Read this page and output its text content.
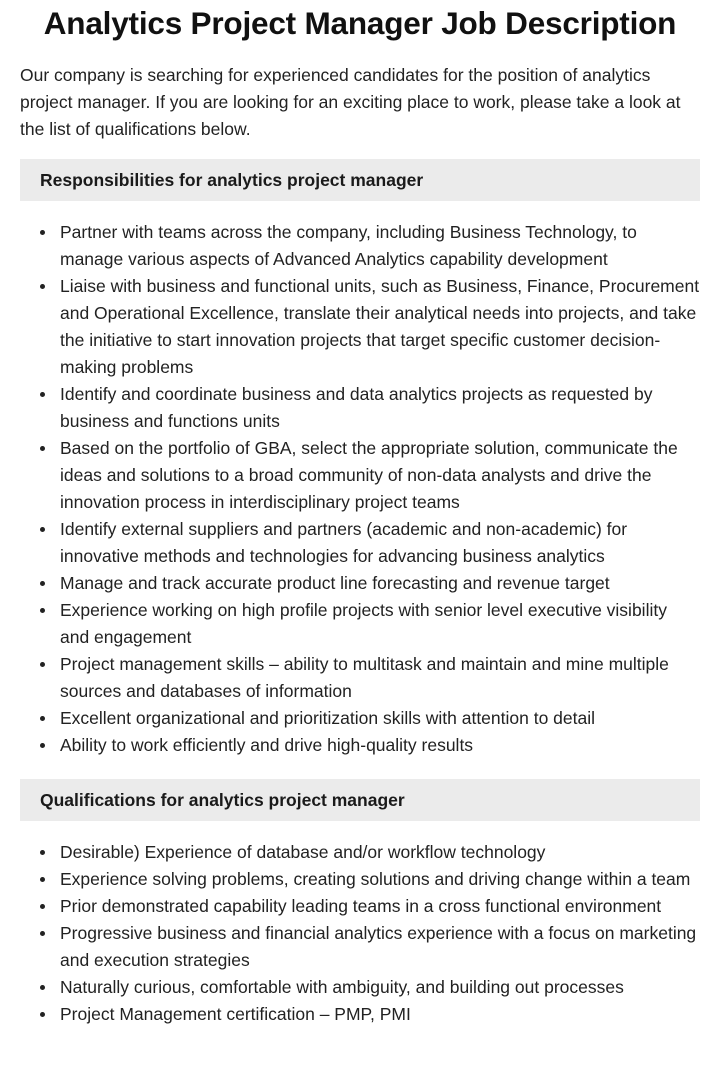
Analytics Project Manager Job Description

Our company is searching for experienced candidates for the position of analytics project manager. If you are looking for an exciting place to work, please take a look at the list of qualifications below.

Responsibilities for analytics project manager
Partner with teams across the company, including Business Technology, to manage various aspects of Advanced Analytics capability development
Liaise with business and functional units, such as Business, Finance, Procurement and Operational Excellence, translate their analytical needs into projects, and take the initiative to start innovation projects that target specific customer decision-making problems
Identify and coordinate business and data analytics projects as requested by business and functions units
Based on the portfolio of GBA, select the appropriate solution, communicate the ideas and solutions to a broad community of non-data analysts and drive the innovation process in interdisciplinary project teams
Identify external suppliers and partners (academic and non-academic) for innovative methods and technologies for advancing business analytics
Manage and track accurate product line forecasting and revenue target
Experience working on high profile projects with senior level executive visibility and engagement
Project management skills – ability to multitask and maintain and mine multiple sources and databases of information
Excellent organizational and prioritization skills with attention to detail
Ability to work efficiently and drive high-quality results
Qualifications for analytics project manager
Desirable) Experience of database and/or workflow technology
Experience solving problems, creating solutions and driving change within a team
Prior demonstrated capability leading teams in a cross functional environment
Progressive business and financial analytics experience with a focus on marketing and execution strategies
Naturally curious, comfortable with ambiguity, and building out processes
Project Management certification – PMP, PMI
